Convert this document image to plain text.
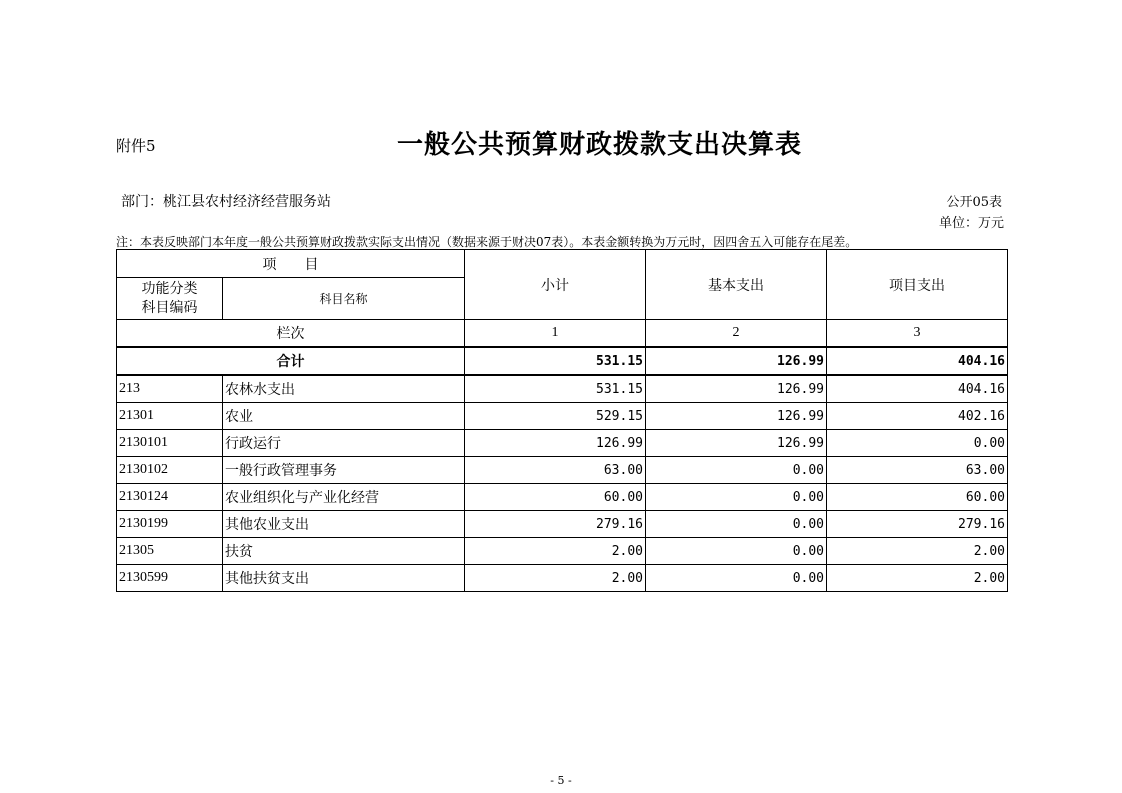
附件5	一般公共预算财政拨款支出决算表
部门：桃江县农村经济经营服务站	公开05表
单位：万元
注：本表反映部门本年度一般公共预算财政拨款实际支出情况（数据来源于财决07表）。本表金额转换为万元时，因四舍五入可能存在尾差。
项　　目		小计	基本支出	项目支出
功能分类
科目编码	科目名称			
栏次		1	2	3
合计		531.15	126.99	404.16
213	农林水支出	531.15	126.99	404.16
21301	农业	529.15	126.99	402.16
2130101	行政运行	126.99	126.99	0.00
2130102	一般行政管理事务	63.00	0.00	63.00
2130124	农业组织化与产业化经营	60.00	0.00	60.00
2130199	其他农业支出	279.16	0.00	279.16
21305	扶贫	2.00	0.00	2.00
2130599	其他扶贫支出	2.00	0.00	2.00
- 5 -
